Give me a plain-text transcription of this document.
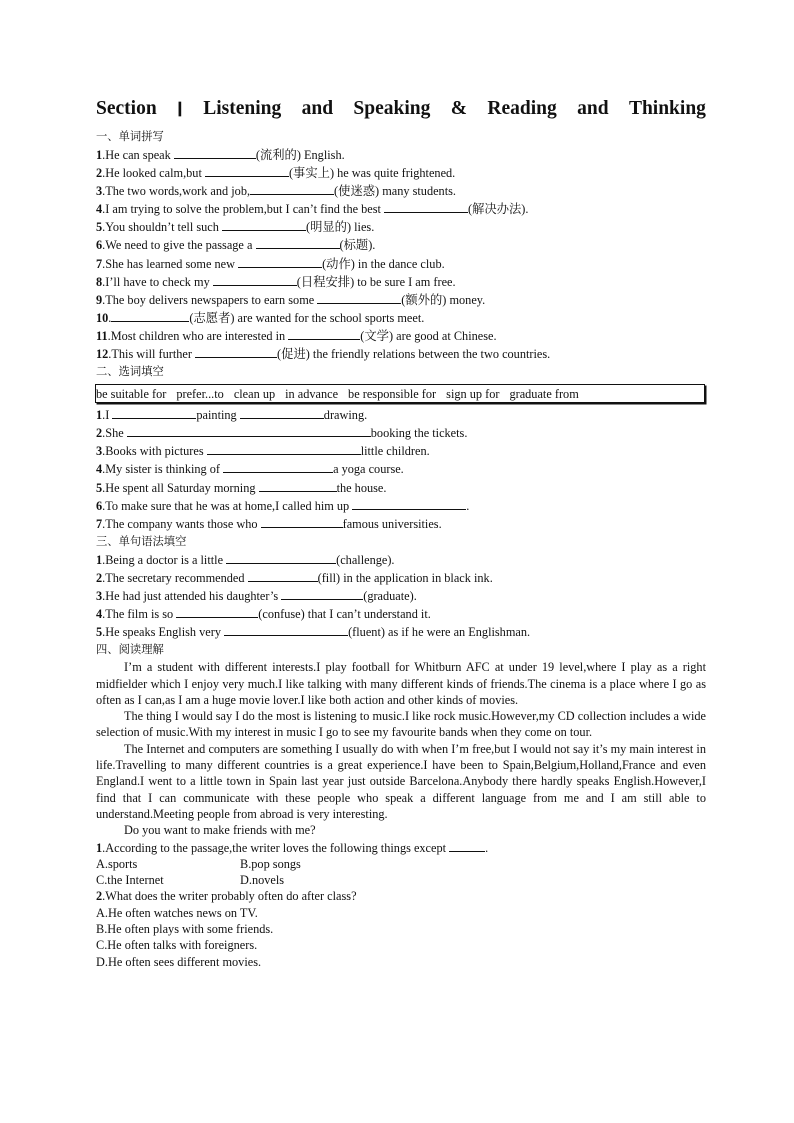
Section Ⅰ Listening and Speaking & Reading and Thinking
一、单词拼写
1.He can speak	(流利的) English.
2.He looked calm,but	(事实上) he was quite frightened.
3.The two words,work and job,	(使迷惑) many students.
4.I am trying to solve the problem,but I can’t find the best	(解决办法).
5.You shouldn’t tell such	(明显的) lies.
6.We need to give the passage a	(标题).
7.She has learned some new	(动作) in the dance club.
8.I’ll have to check my	(日程安排) to be sure I am free.
9.The boy delivers newspapers to earn some	(额外的) money.
10.	(志愿者) are wanted for the school sports meet.
11.Most children who are interested in	(文学) are good at Chinese.
12.This will further	(促进) the friendly relations between the two countries.
二、选词填空
be suitable for prefer...to clean up in advance be responsible for sign up for graduate from
1.I	painting	drawing.
2.She	booking the tickets.
3.Books with pictures	little children.
4.My sister is thinking of	a yoga course.
5.He spent all Saturday morning	the house.
6.To make sure that he was at home,I called him up	.
7.The company wants those who	famous universities.
三、单句语法填空
1.Being a doctor is a little	(challenge).
2.The secretary recommended	(fill) in the application in black ink.
3.He had just attended his daughter’s	(graduate).
4.The film is so	(confuse) that I can’t understand it.
5.He speaks English very	(fluent) as if he were an Englishman.
四、阅读理解

I’m a student with different interests.I play football for Whitburn AFC at under 19 level,where I play as a right midfielder which I enjoy very much.I like talking with many different kinds of friends.The cinema is a place where I go as often as I can,as I am a huge movie lover.I like both action and other kinds of movies.

The thing I would say I do the most is listening to music.I like rock music.However,my CD collection includes a wide selection of music.With my interest in music I go to see my favourite bands when they come on tour.

The Internet and computers are something I usually do with when I’m free,but I would not say it’s my main interest in life.Travelling to many different countries is a great experience.I have been to Spain,Belgium,Holland,France and even England.I went to a little town in Spain last year just outside Barcelona.Anybody there hardly speaks English.However,I find that I can communicate with these people who speak a different language from me and I am still able to understand.Meeting people from abroad is very interesting.

Do you want to make friends with me?

1.According to the passage,the writer loves the following things except	.
A.sports	B.pop songs
C.the Internet	D.novels
2.What does the writer probably often do after class?
A.He often watches news on TV.
B.He often plays with some friends.
C.He often talks with foreigners.
D.He often sees different movies.
